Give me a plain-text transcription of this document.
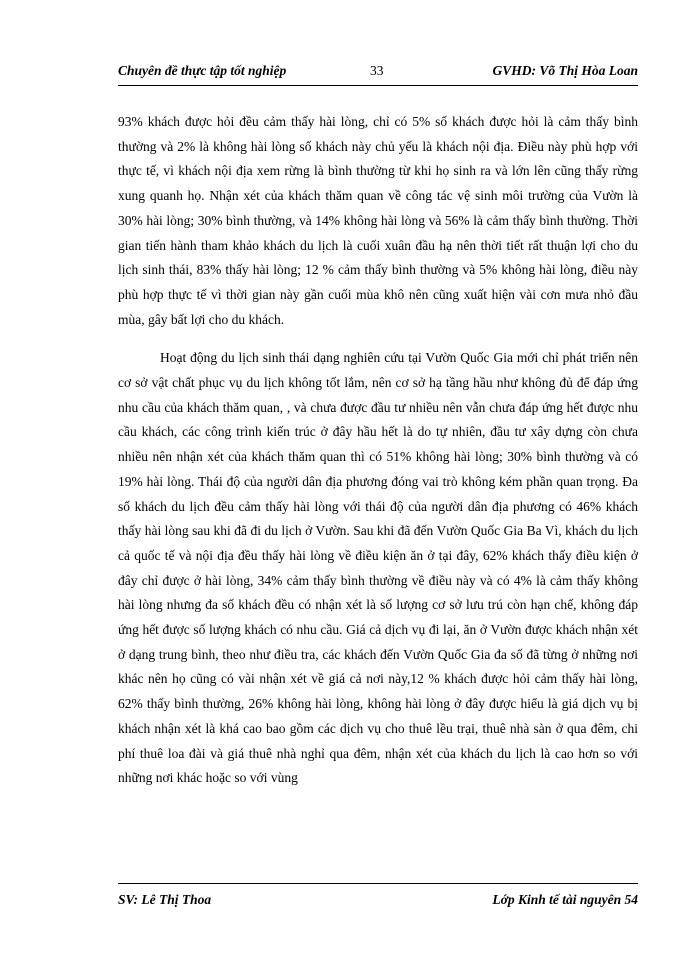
Chuyên đề thực tập tốt nghiệp	33	GVHD: Võ Thị Hòa Loan

93% khách được hỏi đều cảm thấy hài lòng, chỉ có 5% số khách được hỏi là cảm thấy bình thường và 2% là không hài lòng số khách này chủ yếu là khách nội địa. Điều này phù hợp với thực tế, vì khách nội địa xem rừng là bình thường từ khi họ sinh ra và lớn lên cũng thấy rừng xung quanh họ. Nhận xét của khách thăm quan về công tác vệ sinh môi trường của Vườn là 30% hài lòng; 30% bình thường, và 14% không hài lòng và 56% là cảm thấy bình thường. Thời gian tiến hành tham khảo khách du lịch là cuối xuân đầu hạ nên thời tiết rất thuận lợi cho du lịch sinh thái, 83% thấy hài lòng; 12 % cảm thấy bình thường và 5% không hài lòng, điều này phù hợp thực tế vì thời gian này gần cuối mùa khô nên cũng xuất hiện vài cơn mưa nhỏ đầu mùa, gây bất lợi cho du khách.

Hoạt động du lịch sinh thái dạng nghiên cứu tại Vườn Quốc Gia mới chỉ phát triển nên cơ sở vật chất phục vụ du lịch không tốt lắm, nên cơ sở hạ tầng hầu như không đủ để đáp ứng nhu cầu của khách thăm quan, , và chưa được đầu tư nhiều nên vẫn chưa đáp ứng hết được nhu cầu khách, các công trình kiến trúc ở đây hầu hết là do tự nhiên, đầu tư xây dựng còn chưa nhiều nên nhận xét của khách thăm quan thì có 51% không hài lòng; 30% bình thường và có 19% hài lòng. Thái độ của người dân địa phương đóng vai trò không kém phần quan trọng. Đa số khách du lịch đều cảm thấy hài lòng với thái độ của người dân địa phương có 46% khách thấy hài lòng sau khi đã đi du lịch ở Vườn. Sau khi đã đến Vườn Quốc Gia Ba Vì, khách du lịch cả quốc tế và nội địa đều thấy hài lòng về điều kiện ăn ở tại đây, 62% khách thấy điều kiện ở đây chỉ được ở hài lòng, 34% cảm thấy bình thường về điều này và có 4% là cảm thấy không hài lòng nhưng đa số khách đều có nhận xét là số lượng cơ sở lưu trú còn hạn chế, không đáp ứng hết được số lượng khách có nhu cầu. Giá cả dịch vụ đi lại, ăn ở Vườn được khách nhận xét ở dạng trung bình, theo như điều tra, các khách đến Vườn Quốc Gia đa số đã từng ở những nơi khác nên họ cũng có vài nhận xét về giá cả nơi này,12 % khách được hỏi cảm thấy hài lòng, 62% thấy bình thường, 26% không hài lòng, không hài lòng ở đây được hiểu là giá dịch vụ bị khách nhận xét là khá cao bao gồm các dịch vụ cho thuê lều trại, thuê nhà sàn ở qua đêm, chi phí thuê loa đài và giá thuê nhà nghỉ qua đêm, nhận xét của khách du lịch là cao hơn so với những nơi khác hoặc so với vùng

SV: Lê Thị Thoa	Lớp Kinh tế tài nguyên 54
